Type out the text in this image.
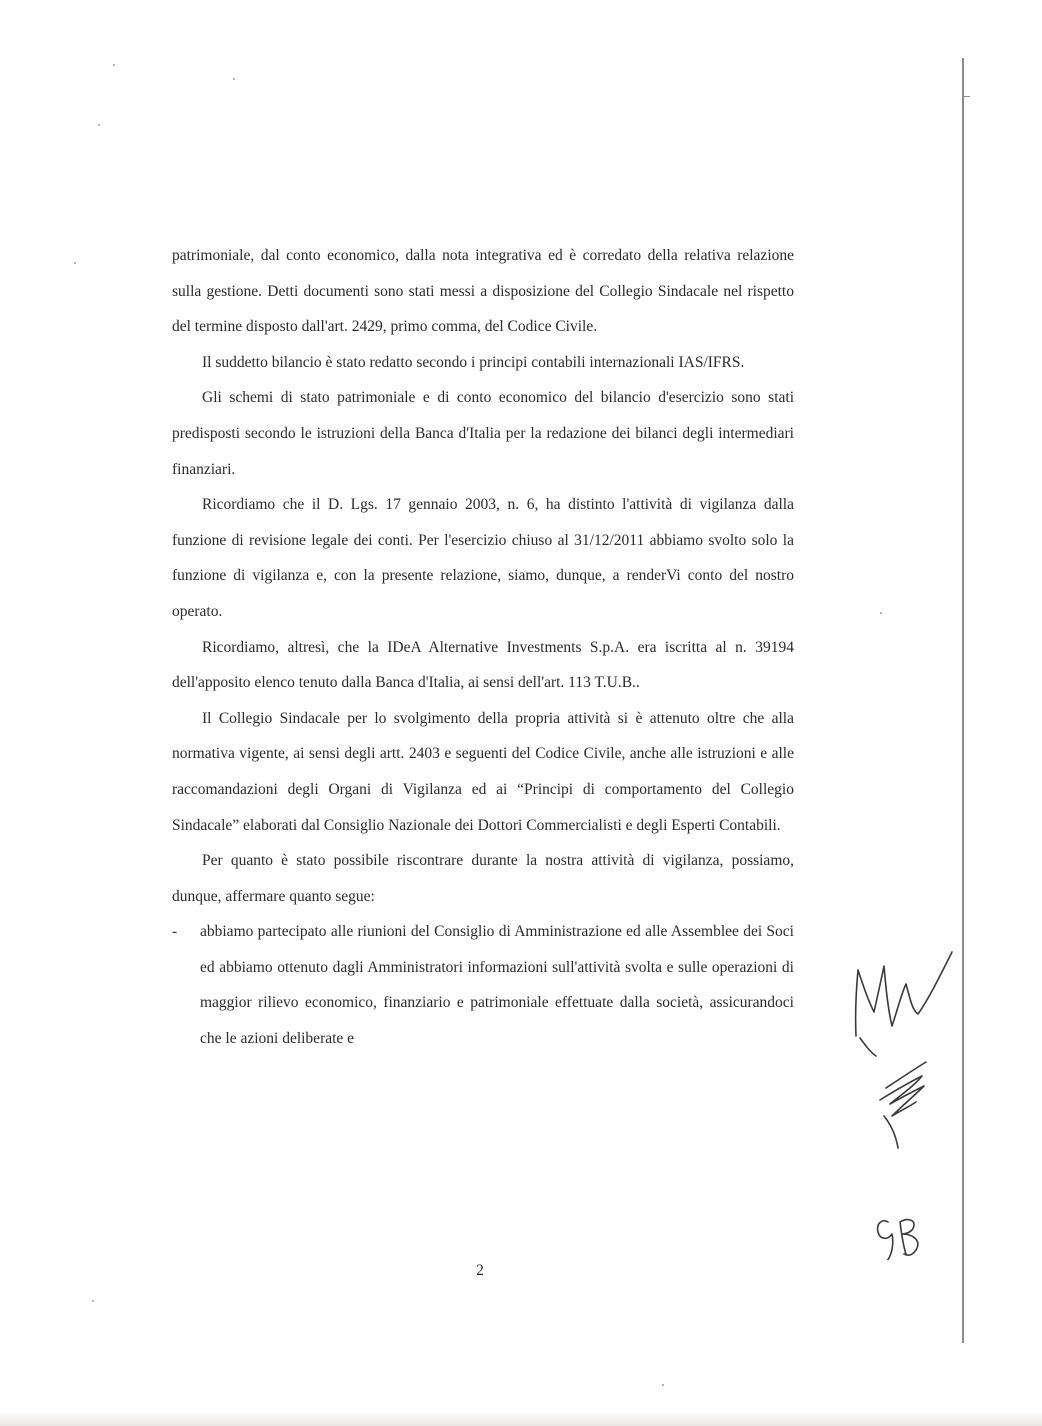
patrimoniale, dal conto economico, dalla nota integrativa ed è corredato della relativa relazione sulla gestione. Detti documenti sono stati messi a disposizione del Collegio Sindacale nel rispetto del termine disposto dall'art. 2429, primo comma, del Codice Civile.

Il suddetto bilancio è stato redatto secondo i principi contabili internazionali IAS/IFRS.

Gli schemi di stato patrimoniale e di conto economico del bilancio d'esercizio sono stati predisposti secondo le istruzioni della Banca d'Italia per la redazione dei bilanci degli intermediari finanziari.

Ricordiamo che il D. Lgs. 17 gennaio 2003, n. 6, ha distinto l'attività di vigilanza dalla funzione di revisione legale dei conti. Per l'esercizio chiuso al 31/12/2011 abbiamo svolto solo la funzione di vigilanza e, con la presente relazione, siamo, dunque, a renderVi conto del nostro operato.

Ricordiamo, altresì, che la IDeA Alternative Investments S.p.A. era iscritta al n. 39194 dell'apposito elenco tenuto dalla Banca d'Italia, ai sensi dell'art. 113 T.U.B..

Il Collegio Sindacale per lo svolgimento della propria attività si è attenuto oltre che alla normativa vigente, ai sensi degli artt. 2403 e seguenti del Codice Civile, anche alle istruzioni e alle raccomandazioni degli Organi di Vigilanza ed ai “Principi di comportamento del Collegio Sindacale” elaborati dal Consiglio Nazionale dei Dottori Commercialisti e degli Esperti Contabili.

Per quanto è stato possibile riscontrare durante la nostra attività di vigilanza, possiamo, dunque, affermare quanto segue:

- abbiamo partecipato alle riunioni del Consiglio di Amministrazione ed alle Assemblee dei Soci ed abbiamo ottenuto dagli Amministratori informazioni sull'attività svolta e sulle operazioni di maggior rilievo economico, finanziario e patrimoniale effettuate dalla società, assicurandoci che le azioni deliberate e
2
